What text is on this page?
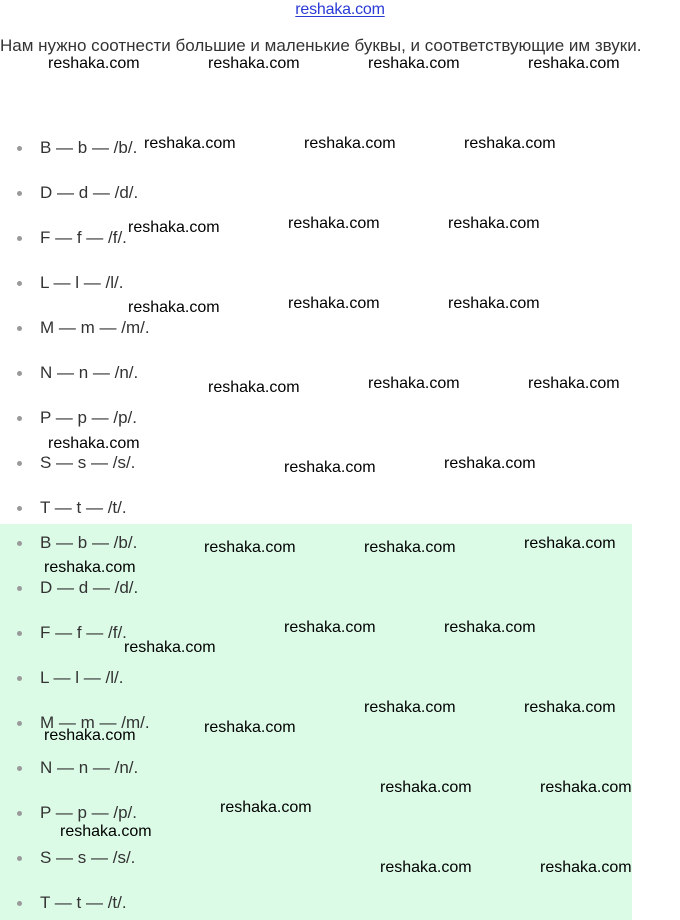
reshaka.com
Нам нужно соотнести большие и маленькие буквы, и соответствующие им звуки.
B — b — /b/.
D — d — /d/.
F — f — /f/.
L — l — /l/.
M — m — /m/.
N — n — /n/.
P — p — /p/.
S — s — /s/.
T — t — /t/.
B — b — /b/.
D — d — /d/.
F — f — /f/.
L — l — /l/.
M — m — /m/.
N — n — /n/.
P — p — /p/.
S — s — /s/.
T — t — /t/.
reshaka.com	reshaka.com	reshaka.com	reshaka.com
reshaka.com	reshaka.com	reshaka.com
reshaka.com	reshaka.com	reshaka.com
reshaka.com	reshaka.com	reshaka.com
reshaka.com	reshaka.com	reshaka.com
reshaka.com
reshaka.com	reshaka.com
reshaka.com	reshaka.com	reshaka.com
reshaka.com
reshaka.com	reshaka.com
reshaka.com
reshaka.com
reshaka.com	reshaka.com
reshaka.com
reshaka.com	reshaka.com
reshaka.com
reshaka.com
reshaka.com	reshaka.com
